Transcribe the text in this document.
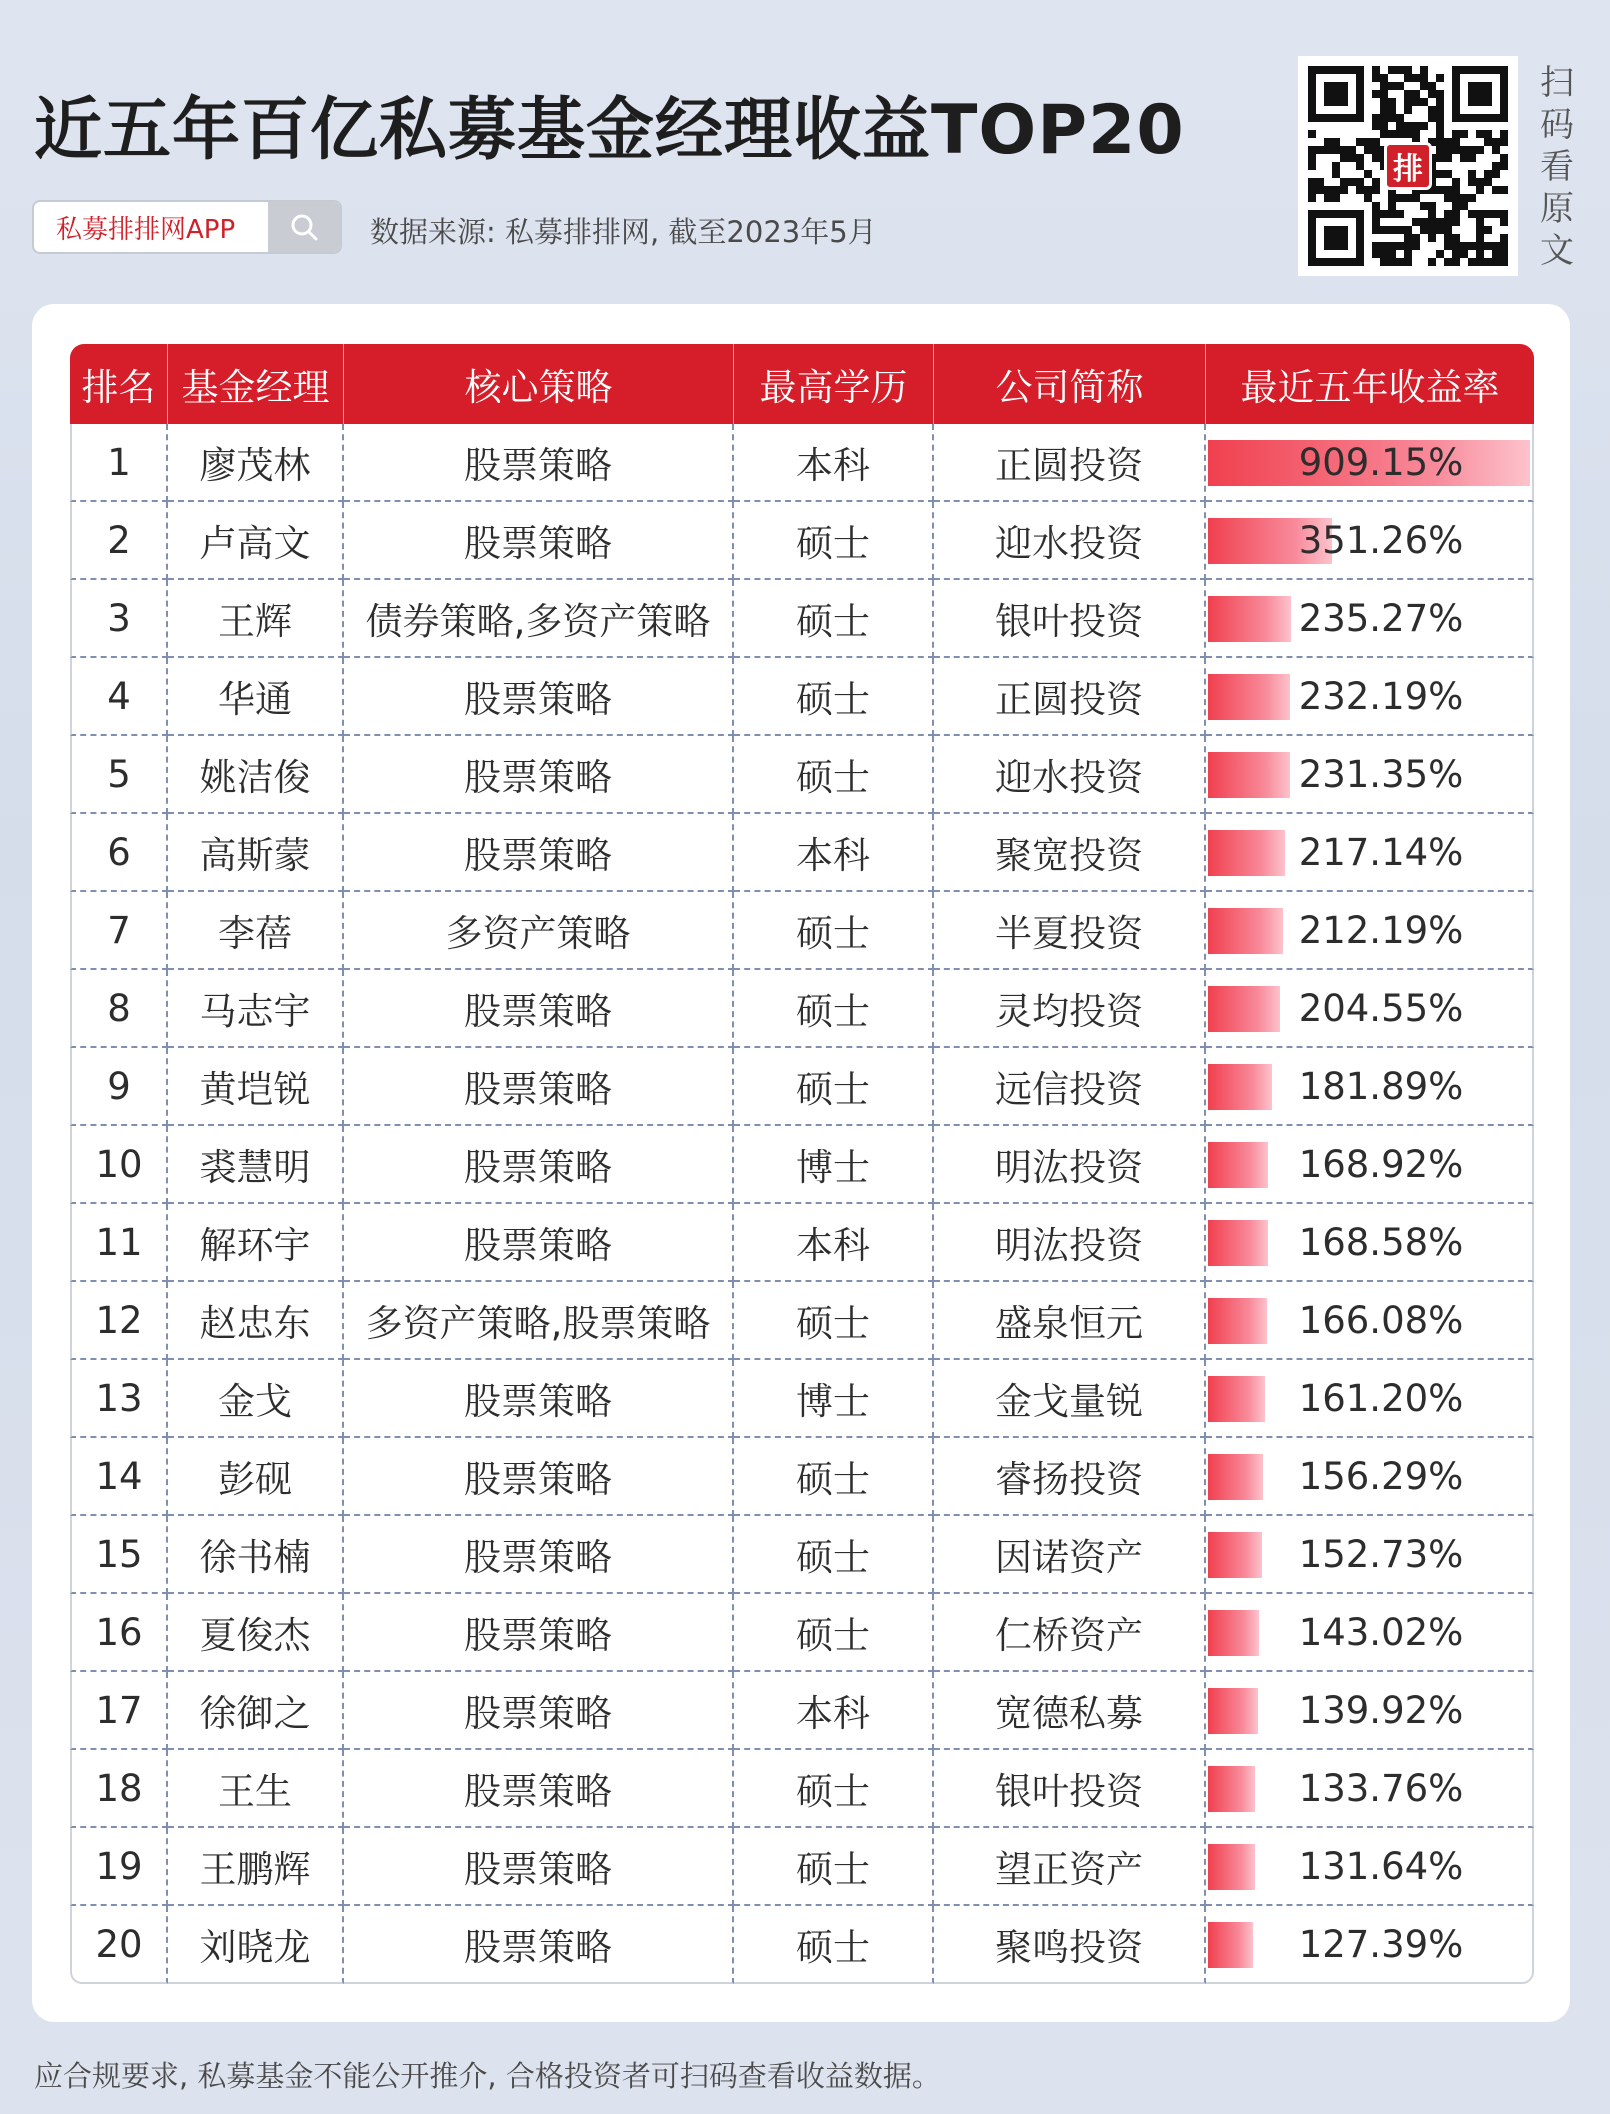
近五年百亿私募基金经理收益TOP20
私募排排网APP	数据来源: 私募排排网, 截至2023年5月
排
扫码看原文
排名	基金经理	核心策略	最高学历	公司简称	最近五年收益率
1	廖茂林	股票策略	本科	正圆投资	909.15%
2	卢高文	股票策略	硕士	迎水投资	351.26%
3	王辉	债券策略,多资产策略	硕士	银叶投资	235.27%
4	华通	股票策略	硕士	正圆投资	232.19%
5	姚洁俊	股票策略	硕士	迎水投资	231.35%
6	高斯蒙	股票策略	本科	聚宽投资	217.14%
7	李蓓	多资产策略	硕士	半夏投资	212.19%
8	马志宇	股票策略	硕士	灵均投资	204.55%
9	黄垲锐	股票策略	硕士	远信投资	181.89%
10	裘慧明	股票策略	博士	明汯投资	168.92%
11	解环宇	股票策略	本科	明汯投资	168.58%
12	赵忠东	多资产策略,股票策略	硕士	盛泉恒元	166.08%
13	金戈	股票策略	博士	金戈量锐	161.20%
14	彭砚	股票策略	硕士	睿扬投资	156.29%
15	徐书楠	股票策略	硕士	因诺资产	152.73%
16	夏俊杰	股票策略	硕士	仁桥资产	143.02%
17	徐御之	股票策略	本科	宽德私募	139.92%
18	王生	股票策略	硕士	银叶投资	133.76%
19	王鹏辉	股票策略	硕士	望正资产	131.64%
20	刘晓龙	股票策略	硕士	聚鸣投资	127.39%
应合规要求, 私募基金不能公开推介, 合格投资者可扫码查看收益数据。
